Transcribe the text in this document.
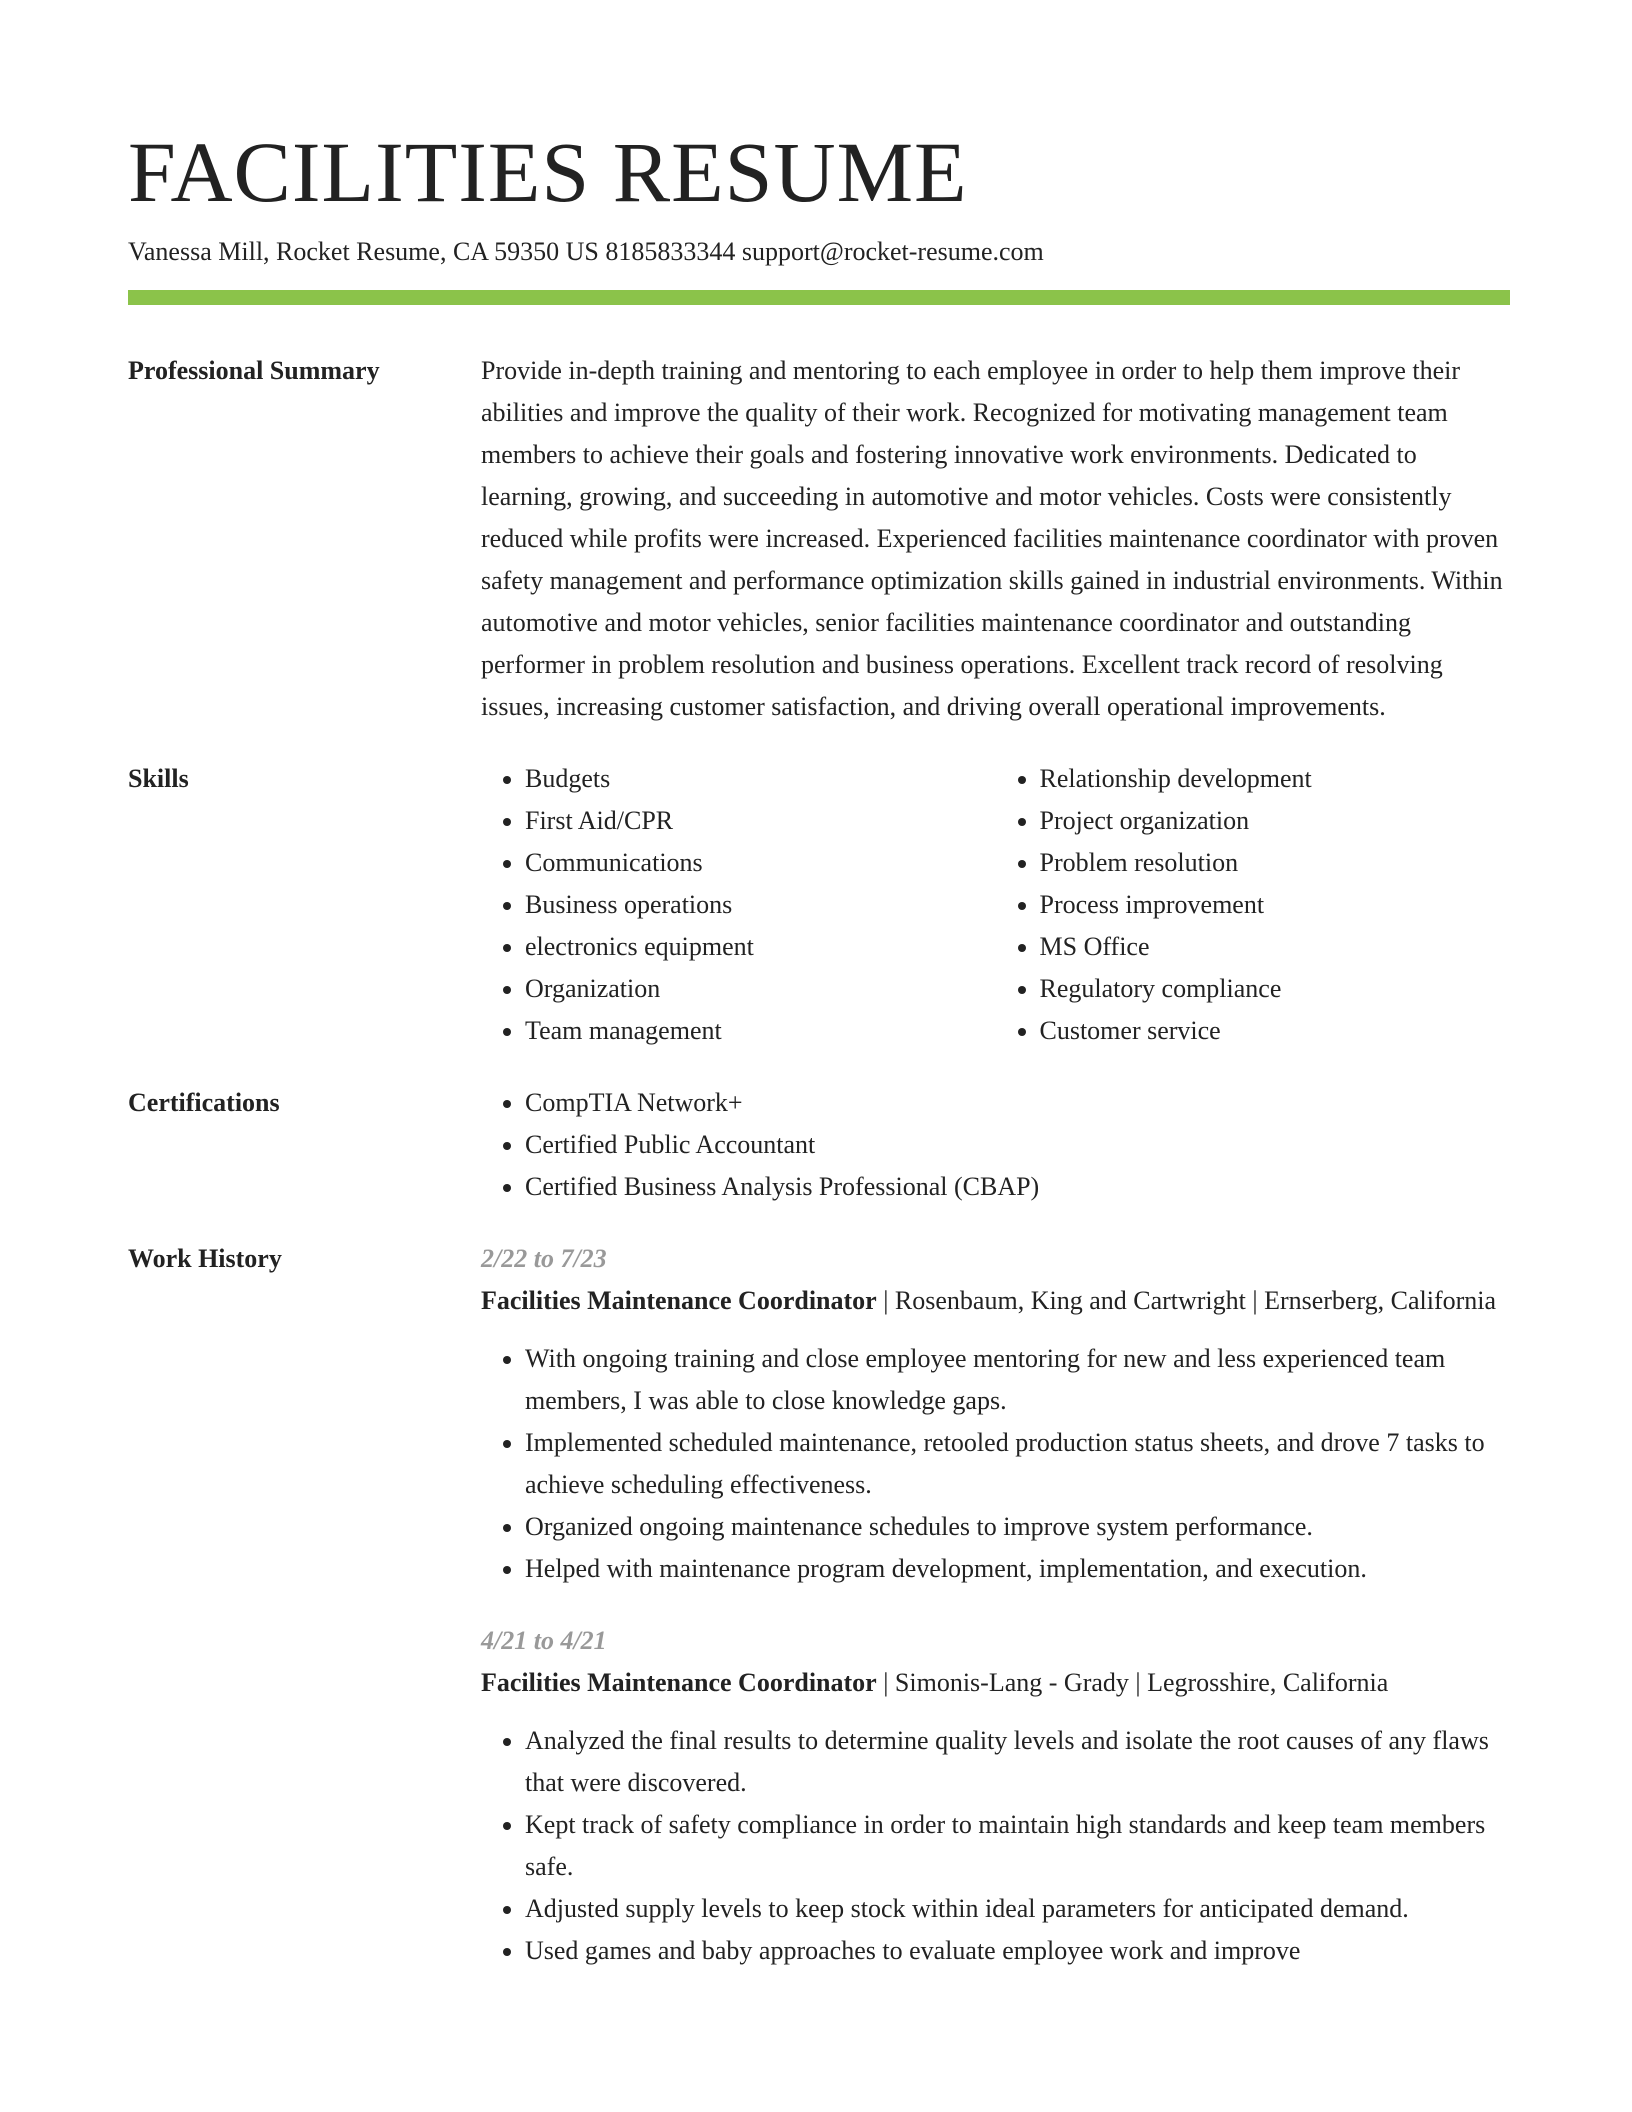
FACILITIES RESUME
Vanessa Mill, Rocket Resume, CA 59350 US 8185833344 support@rocket-resume.com
Professional Summary	Provide in-depth training and mentoring to each employee in order to help them improve their abilities and improve the quality of their work. Recognized for motivating management team members to achieve their goals and fostering innovative work environments. Dedicated to learning, growing, and succeeding in automotive and motor vehicles. Costs were consistently reduced while profits were increased. Experienced facilities maintenance coordinator with proven safety management and performance optimization skills gained in industrial environments. Within automotive and motor vehicles, senior facilities maintenance coordinator and outstanding performer in problem resolution and business operations. Excellent track record of resolving issues, increasing customer satisfaction, and driving overall operational improvements.

Skills	• Budgets
• First Aid/CPR
• Communications
• Business operations
• electronics equipment
• Organization
• Team management
• Relationship development
• Project organization
• Problem resolution
• Process improvement
• MS Office
• Regulatory compliance
• Customer service
Certifications	• CompTIA Network+
• Certified Public Accountant
• Certified Business Analysis Professional (CBAP)
Work History	2/22 to 7/23
Facilities Maintenance Coordinator | Rosenbaum, King and Cartwright | Ernserberg, California
• With ongoing training and close employee mentoring for new and less experienced team members, I was able to close knowledge gaps.
• Implemented scheduled maintenance, retooled production status sheets, and drove 7 tasks to achieve scheduling effectiveness.
• Organized ongoing maintenance schedules to improve system performance.
• Helped with maintenance program development, implementation, and execution.
4/21 to 4/21
Facilities Maintenance Coordinator | Simonis-Lang - Grady | Legrosshire, California
• Analyzed the final results to determine quality levels and isolate the root causes of any flaws that were discovered.
• Kept track of safety compliance in order to maintain high standards and keep team members safe.
• Adjusted supply levels to keep stock within ideal parameters for anticipated demand.
• Used games and baby approaches to evaluate employee work and improve
